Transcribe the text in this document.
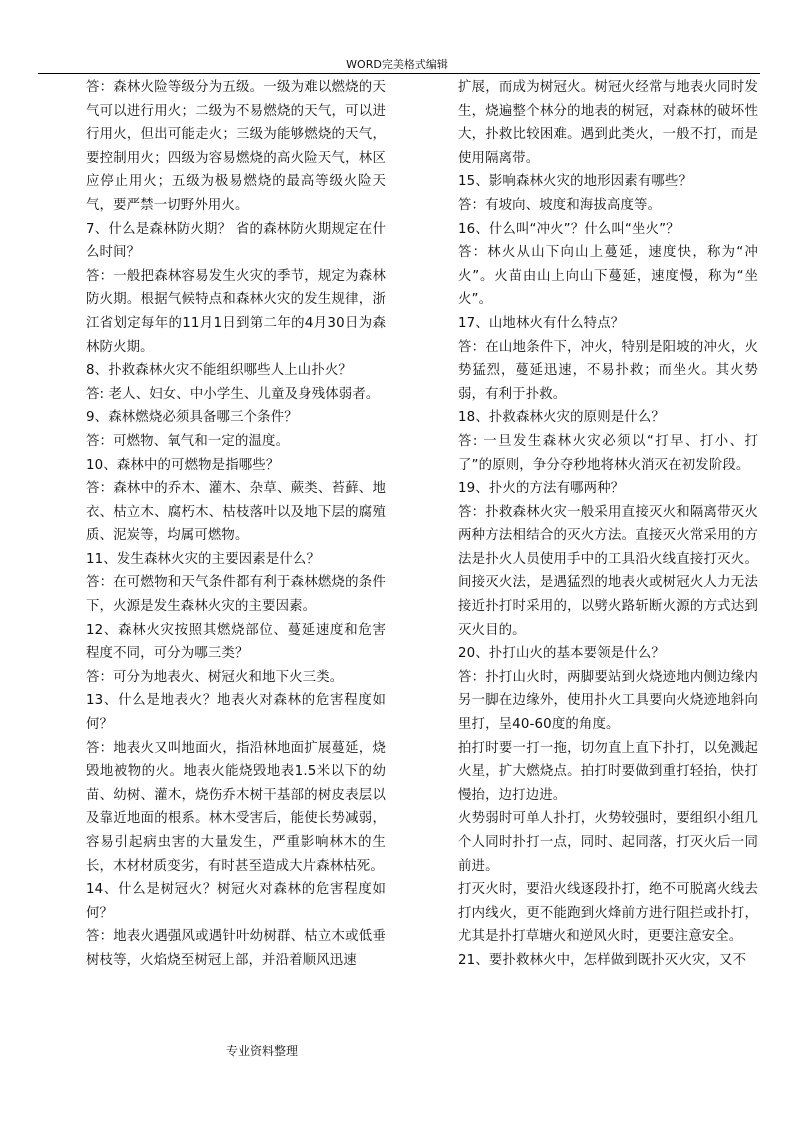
WORD完美格式编辑

答：森林火险等级分为五级。一级为难以燃烧的天气可以进行用火；二级为不易燃烧的天气，可以进行用火，但出可能走火；三级为能够燃烧的天气，要控制用火；四级为容易燃烧的高火险天气，林区应停止用火；五级为极易燃烧的最高等级火险天气，要严禁一切野外用火。

7、什么是森林防火期？ 省的森林防火期规定在什么时间？

答：一般把森林容易发生火灾的季节，规定为森林防火期。根据气候特点和森林火灾的发生规律，浙江省划定每年的11月1日到第二年的4月30日为森林防火期。

8、扑救森林火灾不能组织哪些人上山扑火？

答: 老人、妇女、中小学生、儿童及身残体弱者。

9、森林燃烧必须具备哪三个条件？

答：可燃物、氧气和一定的温度。

10、森林中的可燃物是指哪些？

答：森林中的乔木、灌木、杂草、蕨类、苔藓、地衣、枯立木、腐朽木、枯枝落叶以及地下层的腐殖质、泥炭等，均属可燃物。

11、发生森林火灾的主要因素是什么？

答：在可燃物和天气条件都有利于森林燃烧的条件下，火源是发生森林火灾的主要因素。

12、森林火灾按照其燃烧部位、蔓延速度和危害程度不同，可分为哪三类？

答：可分为地表火、树冠火和地下火三类。

13、什么是地表火？地表火对森林的危害程度如何？

答：地表火又叫地面火，指沿林地面扩展蔓延，烧毁地被物的火。地表火能烧毁地表1.5米以下的幼苗、幼树、灌木，烧伤乔木树干基部的树皮表层以及靠近地面的根系。林木受害后，能使长势减弱，容易引起病虫害的大量发生，严重影响林木的生长，木材材质变劣，有时甚至造成大片森林枯死。

14、什么是树冠火？树冠火对森林的危害程度如何？

答：地表火遇强风或遇针叶幼树群、枯立木或低垂树枝等，火焰烧至树冠上部，并沿着顺风迅速

扩展，而成为树冠火。树冠火经常与地表火同时发生，烧遍整个林分的地表的树冠，对森林的破坏性大，扑救比较困难。遇到此类火，一般不打，而是使用隔离带。

15、影响森林火灾的地形因素有哪些？

答：有坡向、坡度和海拔高度等。

16、什么叫“冲火”？什么叫“坐火”？

答：林火从山下向山上蔓延，速度快，称为“冲火”。火苗由山上向山下蔓延，速度慢，称为“坐火”。

17、山地林火有什么特点？

答：在山地条件下，冲火，特别是阳坡的冲火，火势猛烈，蔓延迅速，不易扑救；而坐火。其火势弱，有利于扑救。

18、扑救森林火灾的原则是什么？

答: 一旦发生森林火灾必须以“打早、打小、打了”的原则，争分夺秒地将林火消灭在初发阶段。

19、扑火的方法有哪两种？

答：扑救森林火灾一般采用直接灭火和隔离带灭火两种方法相结合的灭火方法。直接灭火常采用的方法是扑火人员使用手中的工具沿火线直接打灭火。间接灭火法，是遇猛烈的地表火或树冠火人力无法接近扑打时采用的，以劈火路斩断火源的方式达到灭火目的。

20、扑打山火的基本要领是什么？

答：扑打山火时，两脚要站到火烧迹地内侧边缘内另一脚在边缘外，使用扑火工具要向火烧迹地斜向里打，呈40-60度的角度。

拍打时要一打一拖，切勿直上直下扑打，以免溅起火星，扩大燃烧点。拍打时要做到重打轻抬，快打慢抬，边打边进。

火势弱时可单人扑打，火势较强时，要组织小组几个人同时扑打一点，同时、起同落，打灭火后一同前进。

打灭火时，要沿火线逐段扑打，绝不可脱离火线去打内线火，更不能跑到火烽前方进行阻拦或扑打，尤其是扑打草塘火和逆风火时，更要注意安全。

21、要扑救林火中，怎样做到既扑灭火灾，又不

专业资料整理
